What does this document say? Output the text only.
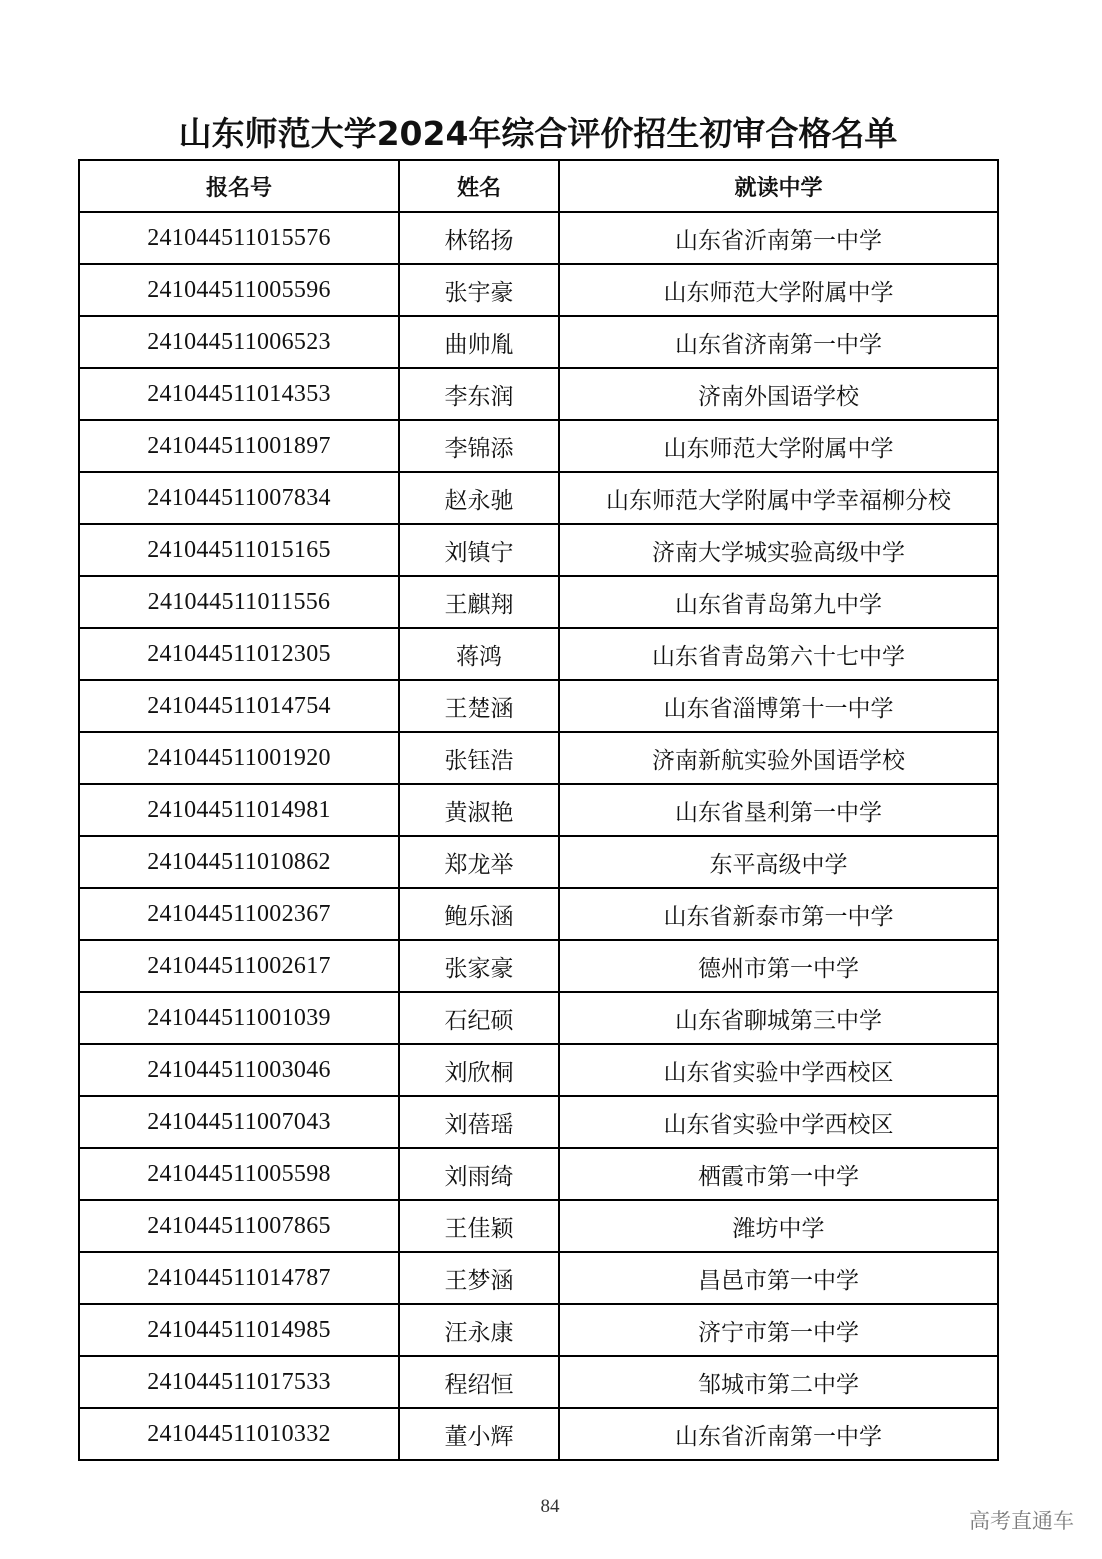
山东师范大学2024年综合评价招生初审合格名单
报名号	姓名	就读中学
241044511015576	林铭扬	山东省沂南第一中学
241044511005596	张宇豪	山东师范大学附属中学
241044511006523	曲帅胤	山东省济南第一中学
241044511014353	李东润	济南外国语学校
241044511001897	李锦添	山东师范大学附属中学
241044511007834	赵永驰	山东师范大学附属中学幸福柳分校
241044511015165	刘镇宁	济南大学城实验高级中学
241044511011556	王麒翔	山东省青岛第九中学
241044511012305	蒋鸿	山东省青岛第六十七中学
241044511014754	王楚涵	山东省淄博第十一中学
241044511001920	张钰浩	济南新航实验外国语学校
241044511014981	黄淑艳	山东省垦利第一中学
241044511010862	郑龙举	东平高级中学
241044511002367	鲍乐涵	山东省新泰市第一中学
241044511002617	张家豪	德州市第一中学
241044511001039	石纪硕	山东省聊城第三中学
241044511003046	刘欣桐	山东省实验中学西校区
241044511007043	刘蓓瑶	山东省实验中学西校区
241044511005598	刘雨绮	栖霞市第一中学
241044511007865	王佳颖	潍坊中学
241044511014787	王梦涵	昌邑市第一中学
241044511014985	汪永康	济宁市第一中学
241044511017533	程绍恒	邹城市第二中学
241044511010332	董小辉	山东省沂南第一中学
84
高考直通车
